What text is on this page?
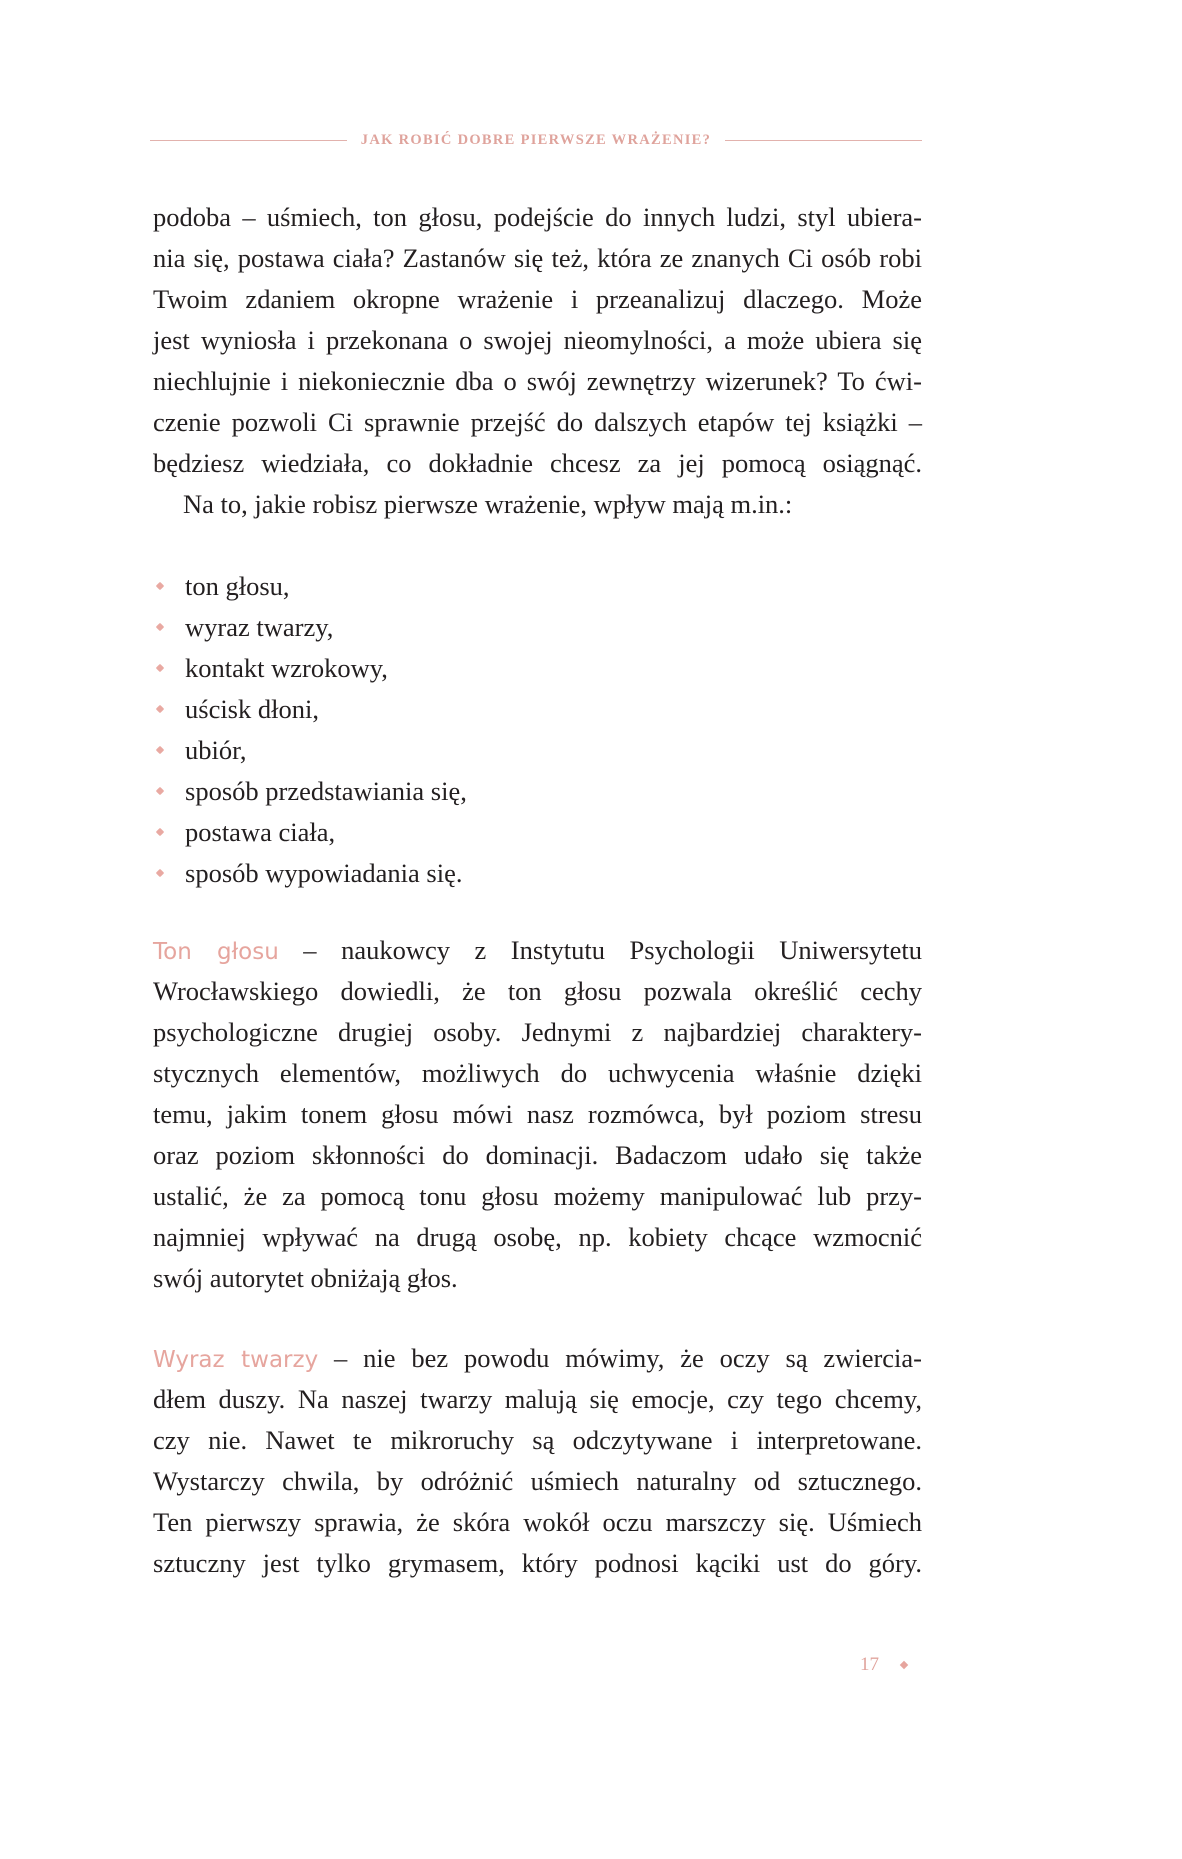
JAK ROBIĆ DOBRE PIERWSZE WRAŻENIE?
podoba – uśmiech, ton głosu, podejście do innych ludzi, styl ubiera-
nia się, postawa ciała? Zastanów się też, która ze znanych Ci osób robi
Twoim zdaniem okropne wrażenie i przeanalizuj dlaczego. Może
jest wyniosła i przekonana o swojej nieomylności, a może ubiera się
niechlujnie i niekoniecznie dba o swój zewnętrzy wizerunek? To ćwi-
czenie pozwoli Ci sprawnie przejść do dalszych etapów tej książki –
będziesz wiedziała, co dokładnie chcesz za jej pomocą osiągnąć.
Na to, jakie robisz pierwsze wrażenie, wpływ mają m.in.:
ton głosu,
wyraz twarzy,
kontakt wzrokowy,
uścisk dłoni,
ubiór,
sposób przedstawiania się,
postawa ciała,
sposób wypowiadania się.
Ton głosu – naukowcy z Instytutu Psychologii Uniwersytetu
Wrocławskiego dowiedli, że ton głosu pozwala określić cechy
psychologiczne drugiej osoby. Jednymi z najbardziej charaktery-
stycznych elementów, możliwych do uchwycenia właśnie dzięki
temu, jakim tonem głosu mówi nasz rozmówca, był poziom stresu
oraz poziom skłonności do dominacji. Badaczom udało się także
ustalić, że za pomocą tonu głosu możemy manipulować lub przy-
najmniej wpływać na drugą osobę, np. kobiety chcące wzmocnić
swój autorytet obniżają głos.
Wyraz twarzy – nie bez powodu mówimy, że oczy są zwiercia-
dłem duszy. Na naszej twarzy malują się emocje, czy tego chcemy,
czy nie. Nawet te mikroruchy są odczytywane i interpretowane.
Wystarczy chwila, by odróżnić uśmiech naturalny od sztucznego.
Ten pierwszy sprawia, że skóra wokół oczu marszczy się. Uśmiech
sztuczny jest tylko grymasem, który podnosi kąciki ust do góry.
17
